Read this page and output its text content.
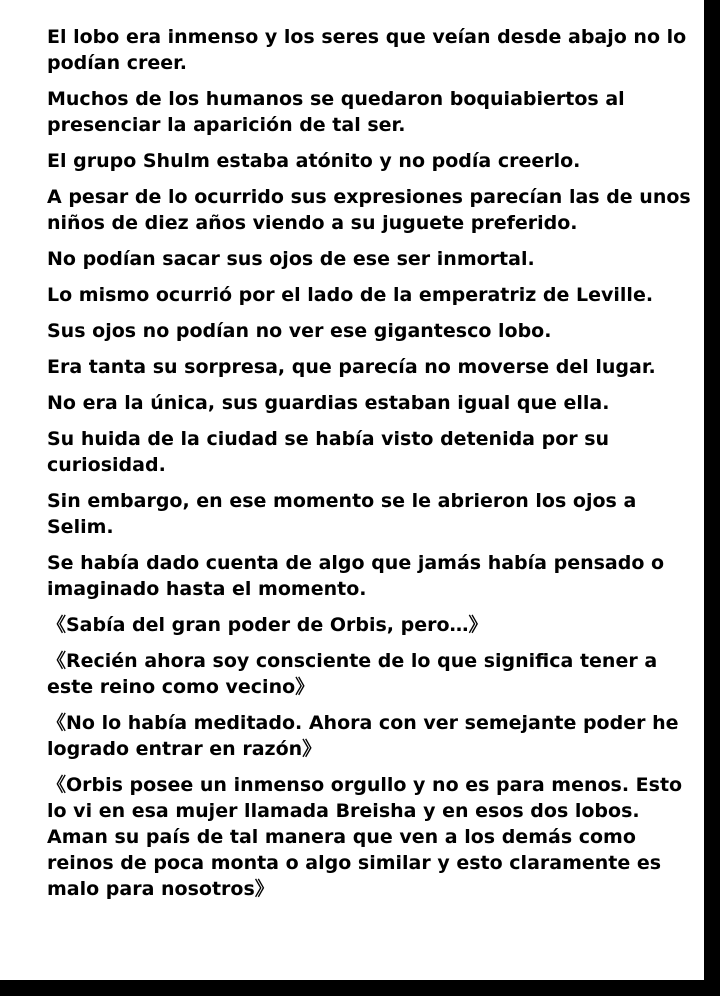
El lobo era inmenso y los seres que veían desde abajo no lo podían creer.

Muchos de los humanos se quedaron boquiabiertos al presenciar la aparición de tal ser.

El grupo Shulm estaba atónito y no podía creerlo.

A pesar de lo ocurrido sus expresiones parecían las de unos niños de diez años viendo a su juguete preferido.

No podían sacar sus ojos de ese ser inmortal.

Lo mismo ocurrió por el lado de la emperatriz de Leville.

Sus ojos no podían no ver ese gigantesco lobo.

Era tanta su sorpresa, que parecía no moverse del lugar.

No era la única, sus guardias estaban igual que ella.

Su huida de la ciudad se había visto detenida por su curiosidad.

Sin embargo, en ese momento se le abrieron los ojos a Selim.

Se había dado cuenta de algo que jamás había pensado o imaginado hasta el momento.

《Sabía del gran poder de Orbis, pero…》

《Recién ahora soy consciente de lo que significa tener a este reino como vecino》

《No lo había meditado. Ahora con ver semejante poder he logrado entrar en razón》

《Orbis posee un inmenso orgullo y no es para menos. Esto lo vi en esa mujer llamada Breisha y en esos dos lobos. Aman su país de tal manera que ven a los demás como reinos de poca monta o algo similar y esto claramente es malo para nosotros》
